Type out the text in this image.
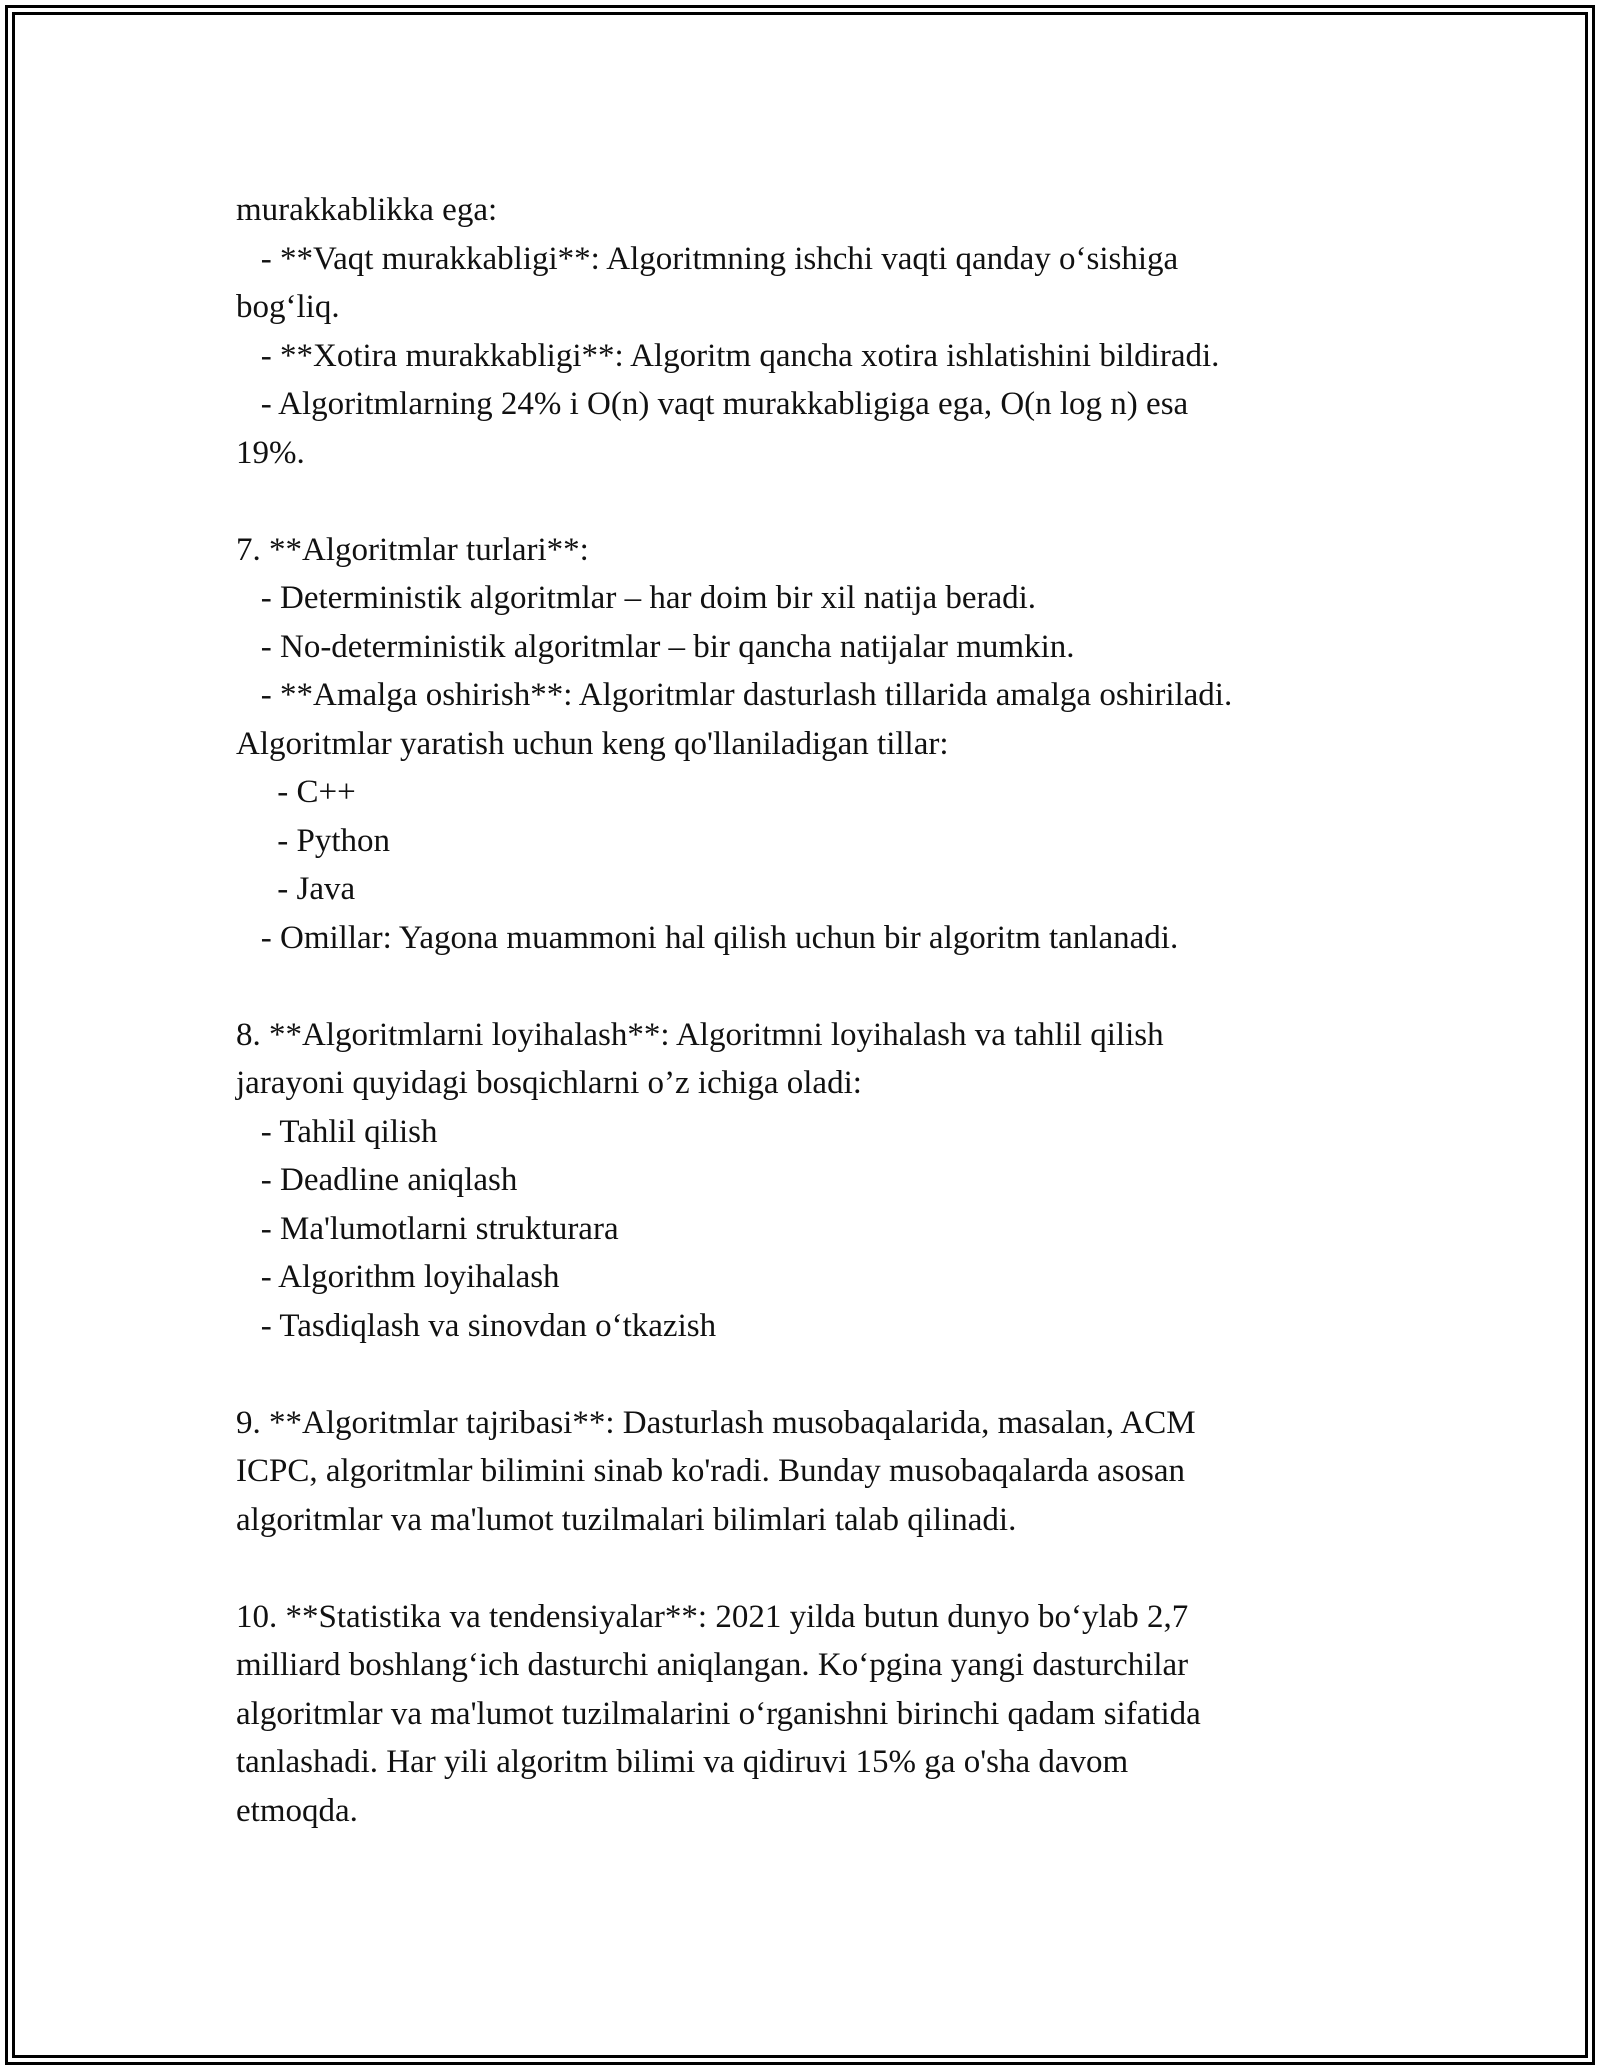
murakkablikka ega:
- **Vaqt murakkabligi**: Algoritmning ishchi vaqti qanday o‘sishiga
bog‘liq.
- **Xotira murakkabligi**: Algoritm qancha xotira ishlatishini bildiradi.
- Algoritmlarning 24% i O(n) vaqt murakkabligiga ega, O(n log n) esa
19%.
7. **Algoritmlar turlari**:
- Deterministik algoritmlar – har doim bir xil natija beradi.
- No-deterministik algoritmlar – bir qancha natijalar mumkin.
- **Amalga oshirish**: Algoritmlar dasturlash tillarida amalga oshiriladi.
Algoritmlar yaratish uchun keng qo'llaniladigan tillar:
- C++
- Python
- Java
- Omillar: Yagona muammoni hal qilish uchun bir algoritm tanlanadi.
8. **Algoritmlarni loyihalash**: Algoritmni loyihalash va tahlil qilish
jarayoni quyidagi bosqichlarni o’z ichiga oladi:
- Tahlil qilish
- Deadline aniqlash
- Ma'lumotlarni strukturara
- Algorithm loyihalash
- Tasdiqlash va sinovdan o‘tkazish
9. **Algoritmlar tajribasi**: Dasturlash musobaqalarida, masalan, ACM
ICPC, algoritmlar bilimini sinab ko'radi. Bunday musobaqalarda asosan
algoritmlar va ma'lumot tuzilmalari bilimlari talab qilinadi.
10. **Statistika va tendensiyalar**: 2021 yilda butun dunyo bo‘ylab 2,7
milliard boshlang‘ich dasturchi aniqlangan. Ko‘pgina yangi dasturchilar
algoritmlar va ma'lumot tuzilmalarini o‘rganishni birinchi qadam sifatida
tanlashadi. Har yili algoritm bilimi va qidiruvi 15% ga o'sha davom
etmoqda.
